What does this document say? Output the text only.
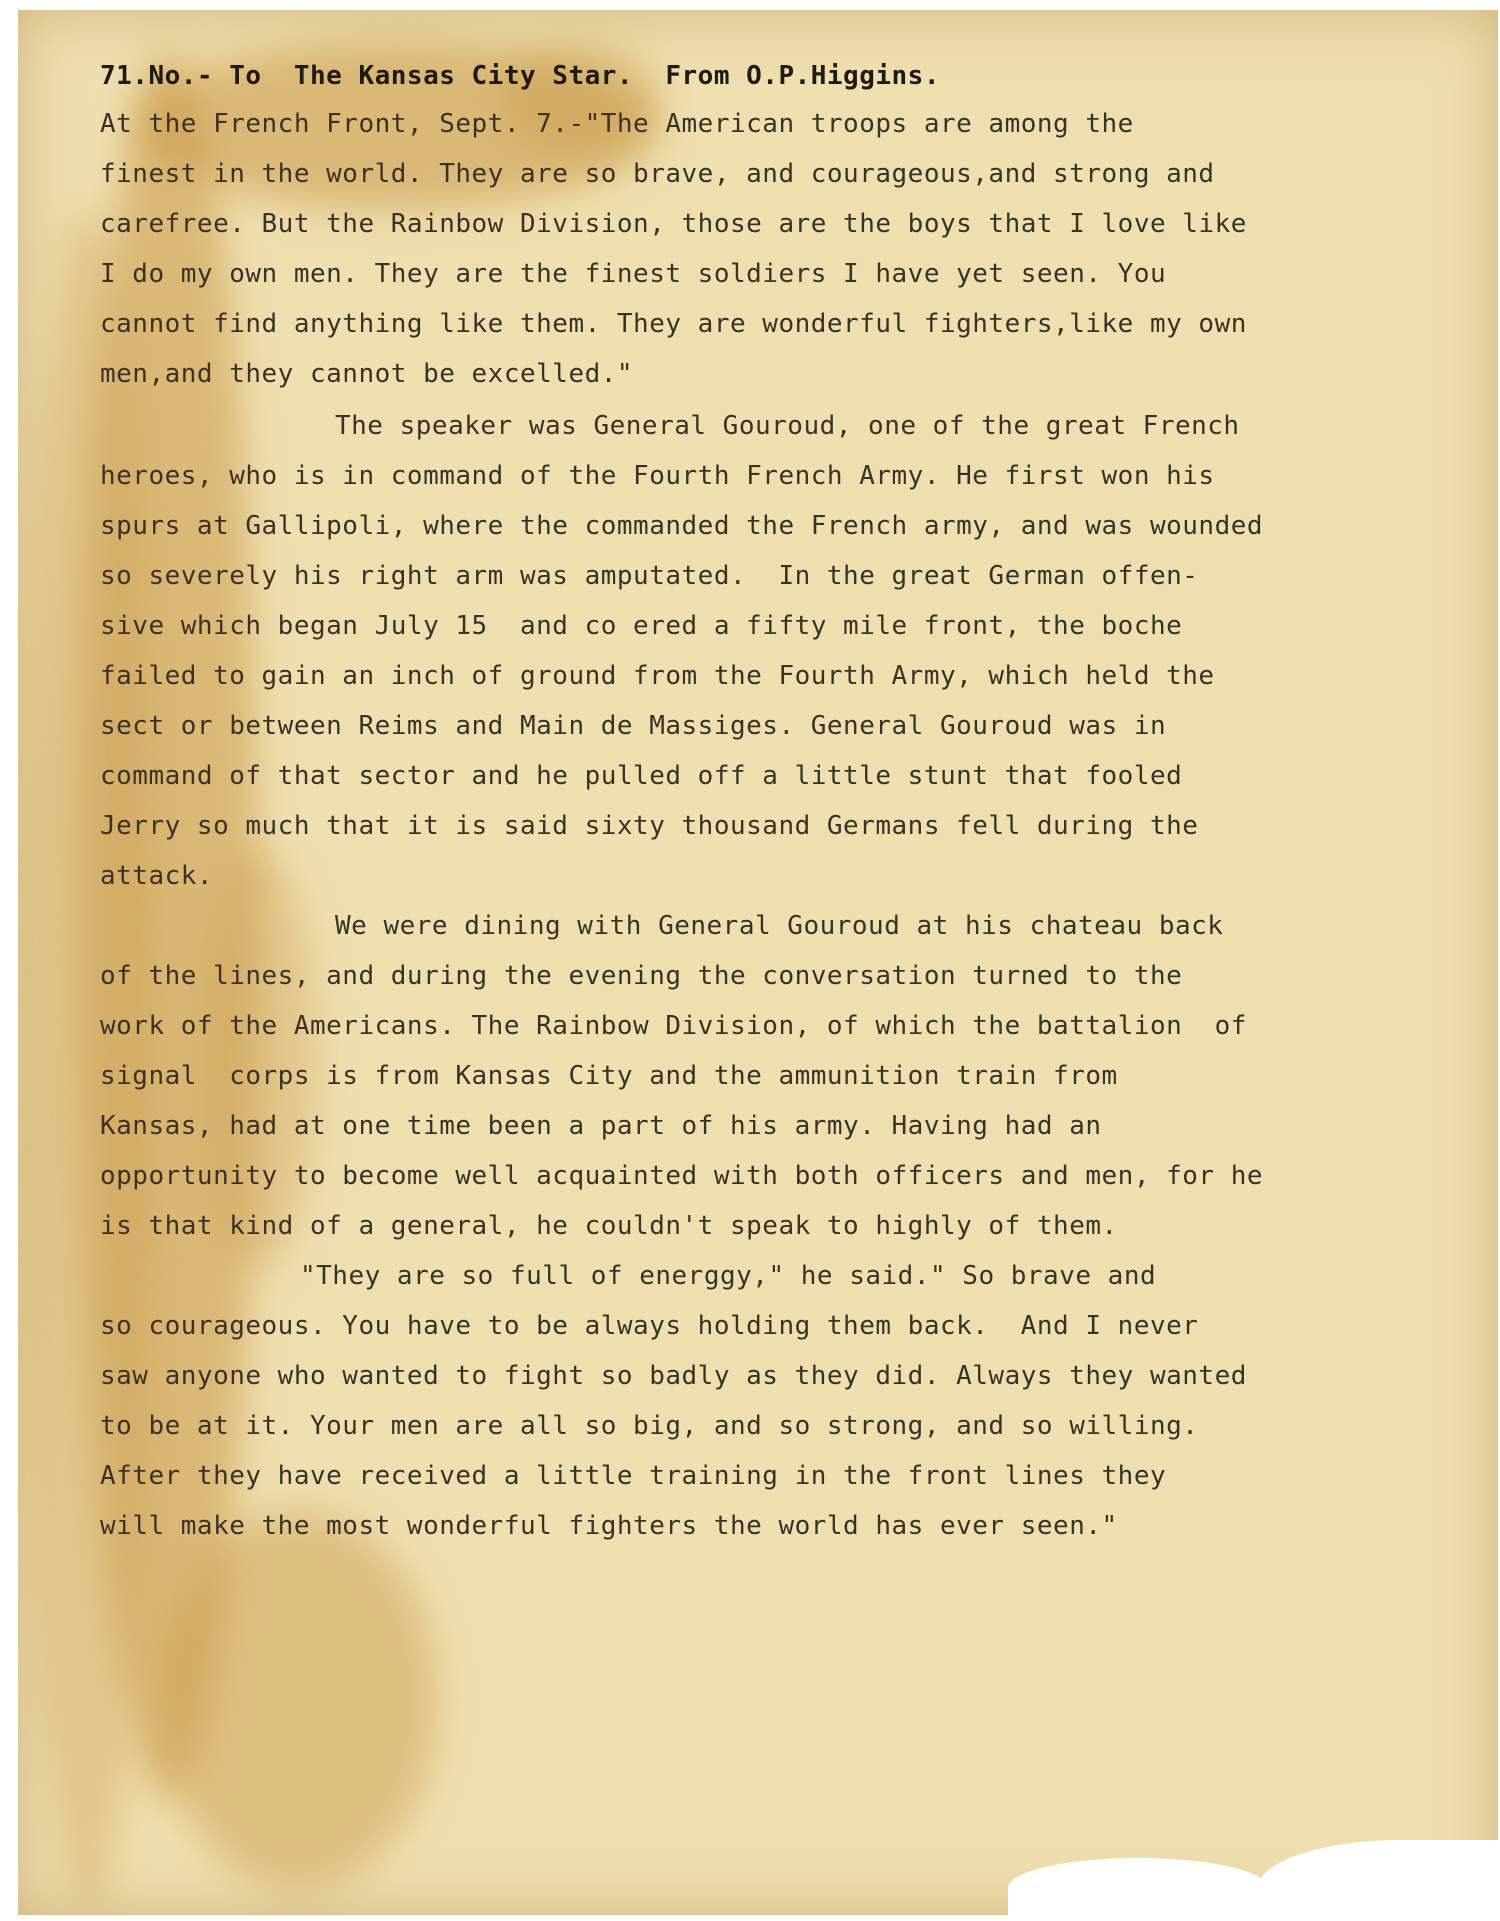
71.No.- To  The Kansas City Star.  From O.P.Higgins.
At the French Front, Sept. 7.-"The American troops are among the
finest in the world. They are so brave, and courageous,and strong and
carefree. But the Rainbow Division, those are the boys that I love like
I do my own men. They are the finest soldiers I have yet seen. You
cannot find anything like them. They are wonderful fighters,like my own
men,and they cannot be excelled."
The speaker was General Gouroud, one of the great French
heroes, who is in command of the Fourth French Army. He first won his
spurs at Gallipoli, where the commanded the French army, and was wounded
so severely his right arm was amputated.  In the great German offen-
sive which began July 15  and co ered a fifty mile front, the boche
failed to gain an inch of ground from the Fourth Army, which held the
sect or between Reims and Main de Massiges. General Gouroud was in
command of that sector and he pulled off a little stunt that fooled
Jerry so much that it is said sixty thousand Germans fell during the
attack.
We were dining with General Gouroud at his chateau back
of the lines, and during the evening the conversation turned to the
work of the Americans. The Rainbow Division, of which the battalion  of
signal  corps is from Kansas City and the ammunition train from
Kansas, had at one time been a part of his army. Having had an
opportunity to become well acquainted with both officers and men, for he
is that kind of a general, he couldn't speak to highly of them.
"They are so full of energgy," he said." So brave and
so courageous. You have to be always holding them back.  And I never
saw anyone who wanted to fight so badly as they did. Always they wanted
to be at it. Your men are all so big, and so strong, and so willing.
After they have received a little training in the front lines they
will make the most wonderful fighters the world has ever seen."
